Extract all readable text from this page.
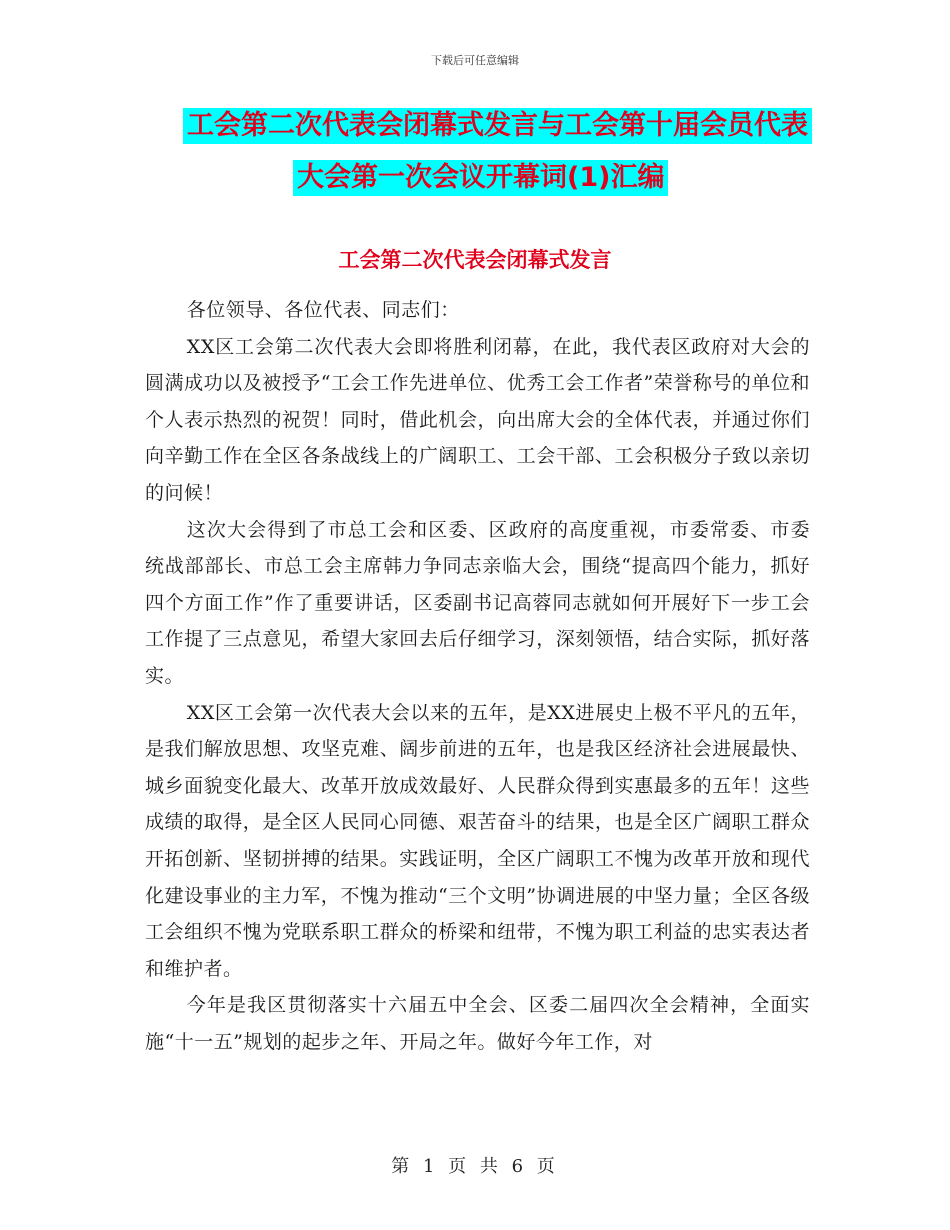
下载后可任意编辑
工会第二次代表会闭幕式发言与工会第十届会员代表
大会第一次会议开幕词(1)汇编
工会第二次代表会闭幕式发言

各位领导、各位代表、同志们：

XX区工会第二次代表大会即将胜利闭幕，在此，我代表区政府对大会的圆满成功以及被授予“工会工作先进单位、优秀工会工作者”荣誉称号的单位和个人表示热烈的祝贺！同时，借此机会，向出席大会的全体代表，并通过你们向辛勤工作在全区各条战线上的广阔职工、工会干部、工会积极分子致以亲切的问候！

这次大会得到了市总工会和区委、区政府的高度重视，市委常委、市委统战部部长、市总工会主席韩力争同志亲临大会，围绕“提高四个能力，抓好四个方面工作”作了重要讲话，区委副书记高蓉同志就如何开展好下一步工会工作提了三点意见，希望大家回去后仔细学习，深刻领悟，结合实际，抓好落实。

XX区工会第一次代表大会以来的五年，是XX进展史上极不平凡的五年，是我们解放思想、攻坚克难、阔步前进的五年，也是我区经济社会进展最快、城乡面貌变化最大、改革开放成效最好、人民群众得到实惠最多的五年！这些成绩的取得，是全区人民同心同德、艰苦奋斗的结果，也是全区广阔职工群众开拓创新、坚韧拼搏的结果。实践证明，全区广阔职工不愧为改革开放和现代化建设事业的主力军，不愧为推动“三个文明”协调进展的中坚力量；全区各级工会组织不愧为党联系职工群众的桥梁和纽带，不愧为职工利益的忠实表达者和维护者。

今年是我区贯彻落实十六届五中全会、区委二届四次全会精神，全面实施“十一五”规划的起步之年、开局之年。做好今年工作，对

第 1 页 共 6 页
